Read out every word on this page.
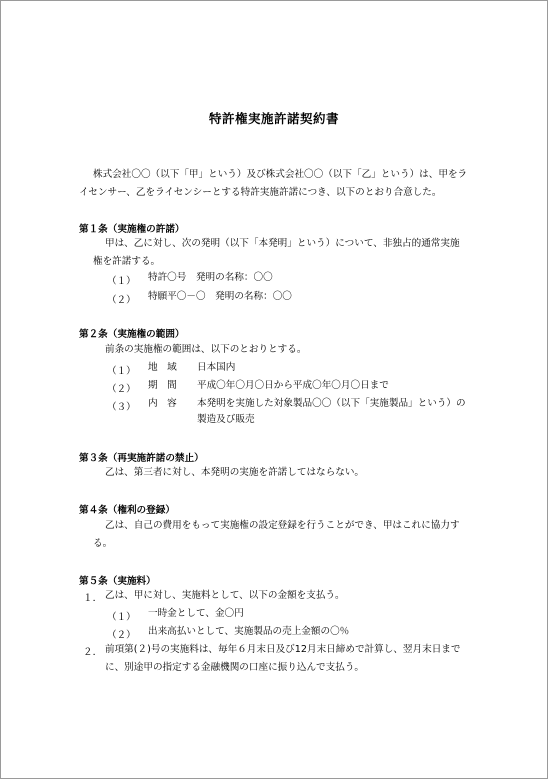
特許権実施許諾契約書
株式会社〇〇（以下「甲」という）及び株式会社〇〇（以下「乙」という）は、甲をラ
イセンサー、乙をライセンシーとする特許実施許諾につき、以下のとおり合意した。
第１条（実施権の許諾）
甲は、乙に対し、次の発明（以下「本発明」という）について、非独占的通常実施
権を許諾する。
（１） 特許〇号　発明の名称：〇〇
（２） 特願平〇－〇　発明の名称：〇〇
第２条（実施権の範囲）
前条の実施権の範囲は、以下のとおりとする。
（１） 地　域 日本国内
（２） 期　間 平成〇年〇月〇日から平成〇年〇月〇日まで
（３） 内　容 本発明を実施した対象製品〇〇（以下「実施製品」という）の
製造及び販売
第３条（再実施許諾の禁止）
乙は、第三者に対し、本発明の実施を許諾してはならない。
第４条（権利の登録）
乙は、自己の費用をもって実施権の設定登録を行うことができ、甲はこれに協力す
る。
第５条（実施料）
１． 乙は、甲に対し、実施料として、以下の金額を支払う。
（１） 一時金として、金〇円
（２） 出来高払いとして、実施製品の売上金額の〇％
２． 前項第(２)号の実施料は、毎年６月末日及び12月末日締めで計算し、翌月末日まで
に、別途甲の指定する金融機関の口座に振り込んで支払う。
